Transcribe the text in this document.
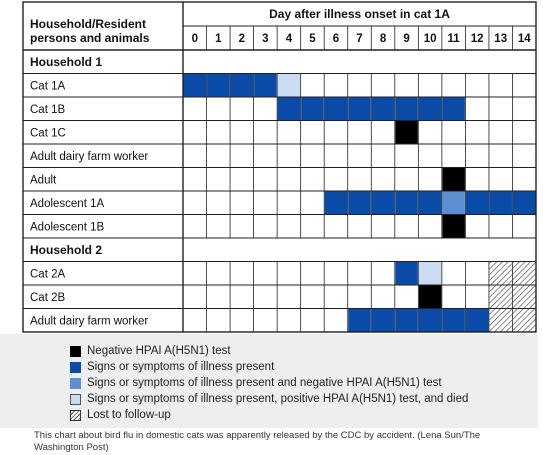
Household/Resident
persons and animals
Day after illness onset in cat 1A
0 1 2 3 4 5 6 7 8 9 10 11 12 13 14
Household 1
Cat 1A
Cat 1B
Cat 1C
Adult dairy farm worker
Adult
Adolescent 1A
Adolescent 1B
Household 2
Cat 2A
Cat 2B
Adult dairy farm worker
Negative HPAI A(H5N1) test
Signs or symptoms of illness present
Signs or symptoms of illness present and negative HPAI A(H5N1) test
Signs or symptoms of illness present, positive HPAI A(H5N1) test, and died
Lost to follow-up
This chart about bird flu in domestic cats was apparently released by the CDC by accident. (Lena Sun/The Washington Post)
